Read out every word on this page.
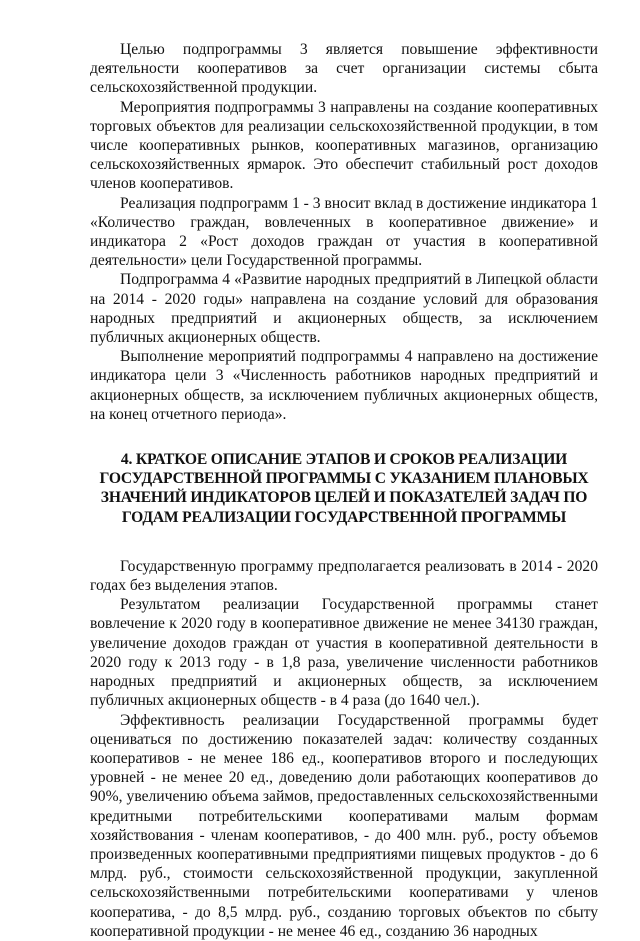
Целью подпрограммы 3 является повышение эффективности деятельности кооперативов за счет организации системы сбыта сельскохозяйственной продукции.

Мероприятия подпрограммы 3 направлены на создание кооперативных торговых объектов для реализации сельскохозяйственной продукции, в том числе кооперативных рынков, кооперативных магазинов, организацию сельскохозяйственных ярмарок. Это обеспечит стабильный рост доходов членов кооперативов.

Реализация подпрограмм 1 - 3 вносит вклад в достижение индикатора 1 «Количество граждан, вовлеченных в кооперативное движение» и индикатора 2 «Рост доходов граждан от участия в кооперативной деятельности» цели Государственной программы.

Подпрограмма 4 «Развитие народных предприятий в Липецкой области на 2014 - 2020 годы» направлена на создание условий для образования народных предприятий и акционерных обществ, за исключением публичных акционерных обществ.

Выполнение мероприятий подпрограммы 4 направлено на достижение индикатора цели 3 «Численность работников народных предприятий и акционерных обществ, за исключением публичных акционерных обществ, на конец отчетного периода».

4. КРАТКОЕ ОПИСАНИЕ ЭТАПОВ И СРОКОВ РЕАЛИЗАЦИИ
ГОСУДАРСТВЕННОЙ ПРОГРАММЫ С УКАЗАНИЕМ ПЛАНОВЫХ
ЗНАЧЕНИЙ ИНДИКАТОРОВ ЦЕЛЕЙ И ПОКАЗАТЕЛЕЙ ЗАДАЧ ПО
ГОДАМ РЕАЛИЗАЦИИ ГОСУДАРСТВЕННОЙ ПРОГРАММЫ

Государственную программу предполагается реализовать в 2014 - 2020 годах без выделения этапов.

Результатом реализации Государственной программы станет вовлечение к 2020 году в кооперативное движение не менее 34130 граждан, увеличение доходов граждан от участия в кооперативной деятельности в 2020 году к 2013 году - в 1,8 раза, увеличение численности работников народных предприятий и акционерных обществ, за исключением публичных акционерных обществ - в 4 раза (до 1640 чел.).

Эффективность реализации Государственной программы будет оцениваться по достижению показателей задач: количеству созданных кооперативов - не менее 186 ед., кооперативов второго и последующих уровней - не менее 20 ед., доведению доли работающих кооперативов до 90%, увеличению объема займов, предоставленных сельскохозяйственными кредитными потребительскими кооперативами малым формам хозяйствования - членам кооперативов, - до 400 млн. руб., росту объемов произведенных кооперативными предприятиями пищевых продуктов - до 6 млрд. руб., стоимости сельскохозяйственной продукции, закупленной сельскохозяйственными потребительскими кооперативами у членов кооператива, - до 8,5 млрд. руб., созданию торговых объектов по сбыту кооперативной продукции - не менее 46 ед., созданию 36 народных
